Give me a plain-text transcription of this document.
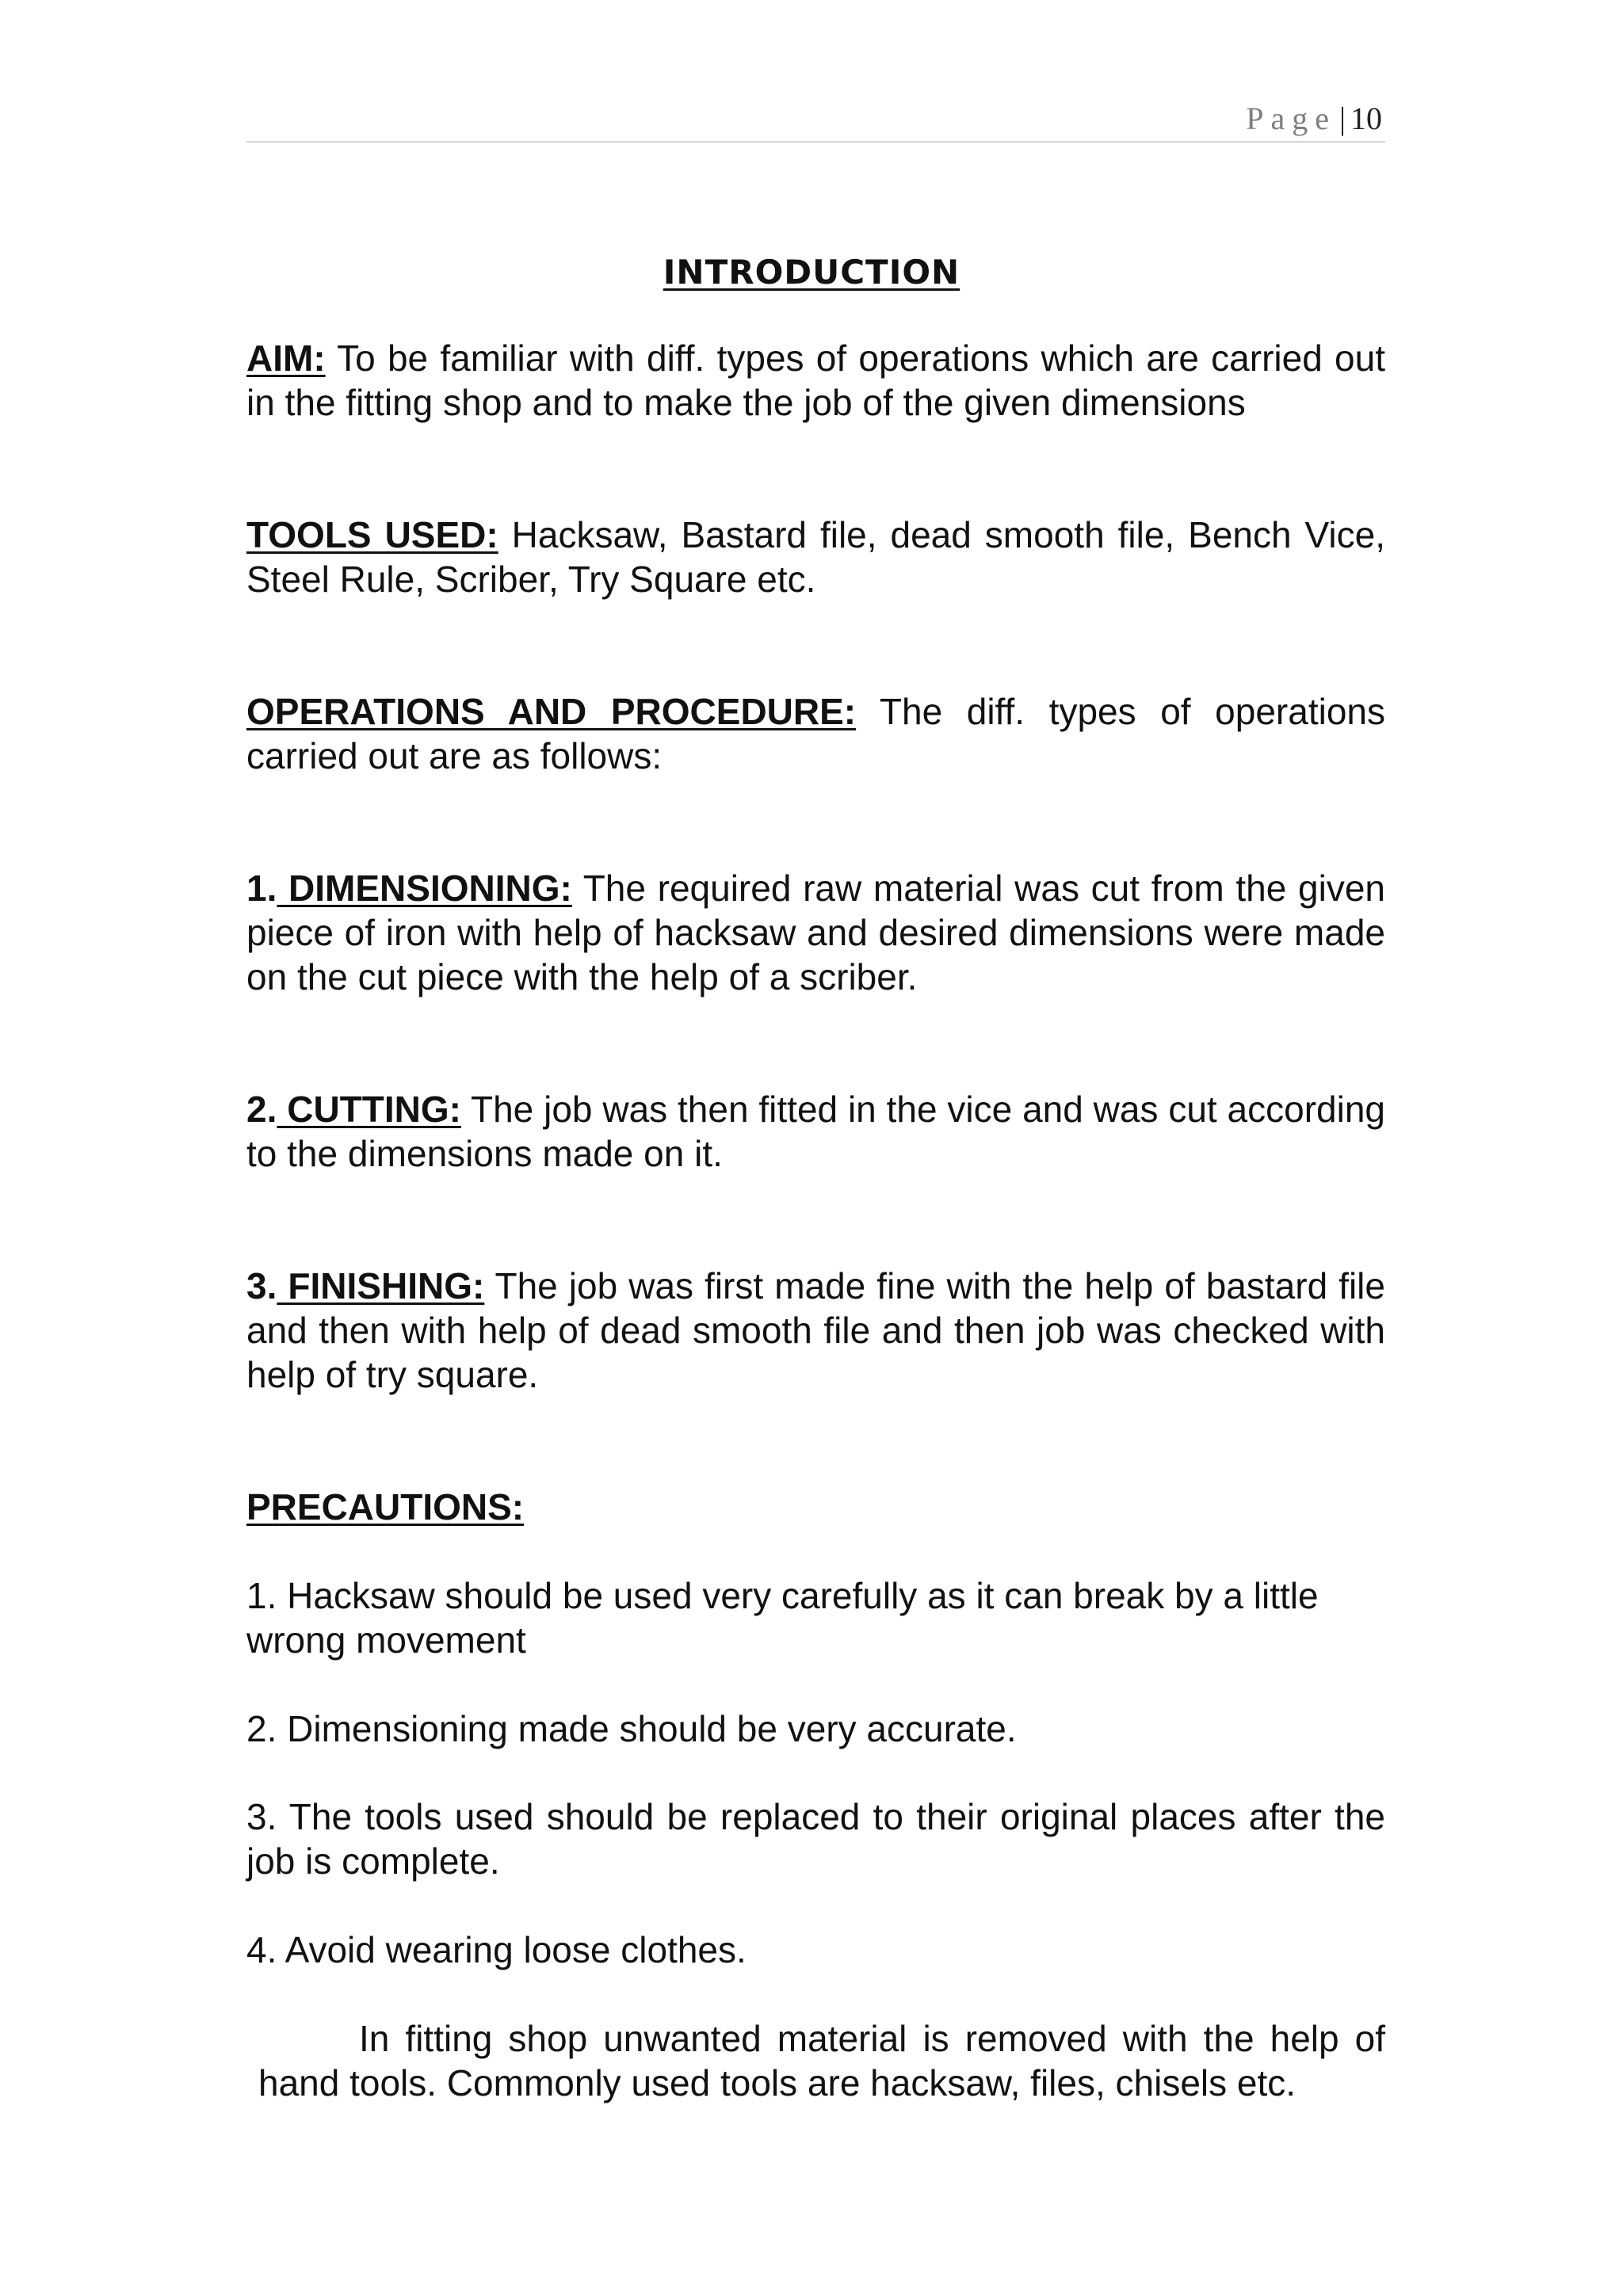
Page | 10
INTRODUCTION

AIM: To be familiar with diff. types of operations which are carried out in the fitting shop and to make the job of the given dimensions

TOOLS USED: Hacksaw, Bastard file, dead smooth file, Bench Vice, Steel Rule, Scriber, Try Square etc.

OPERATIONS AND PROCEDURE: The diff. types of operations carried out are as follows:

1. DIMENSIONING: The required raw material was cut from the given piece of iron with help of hacksaw and desired dimensions were made on the cut piece with the help of a scriber.

2. CUTTING: The job was then fitted in the vice and was cut according to the dimensions made on it.

3. FINISHING: The job was first made fine with the help of bastard file and then with help of dead smooth file and then job was checked with help of try square.

PRECAUTIONS:

1. Hacksaw should be used very carefully as it can break by a little wrong movement

2. Dimensioning made should be very accurate.

3. The tools used should be replaced to their original places after the job is complete.

4. Avoid wearing loose clothes.

In fitting shop unwanted material is removed with the help of hand tools. Commonly used tools are hacksaw, files, chisels etc.
